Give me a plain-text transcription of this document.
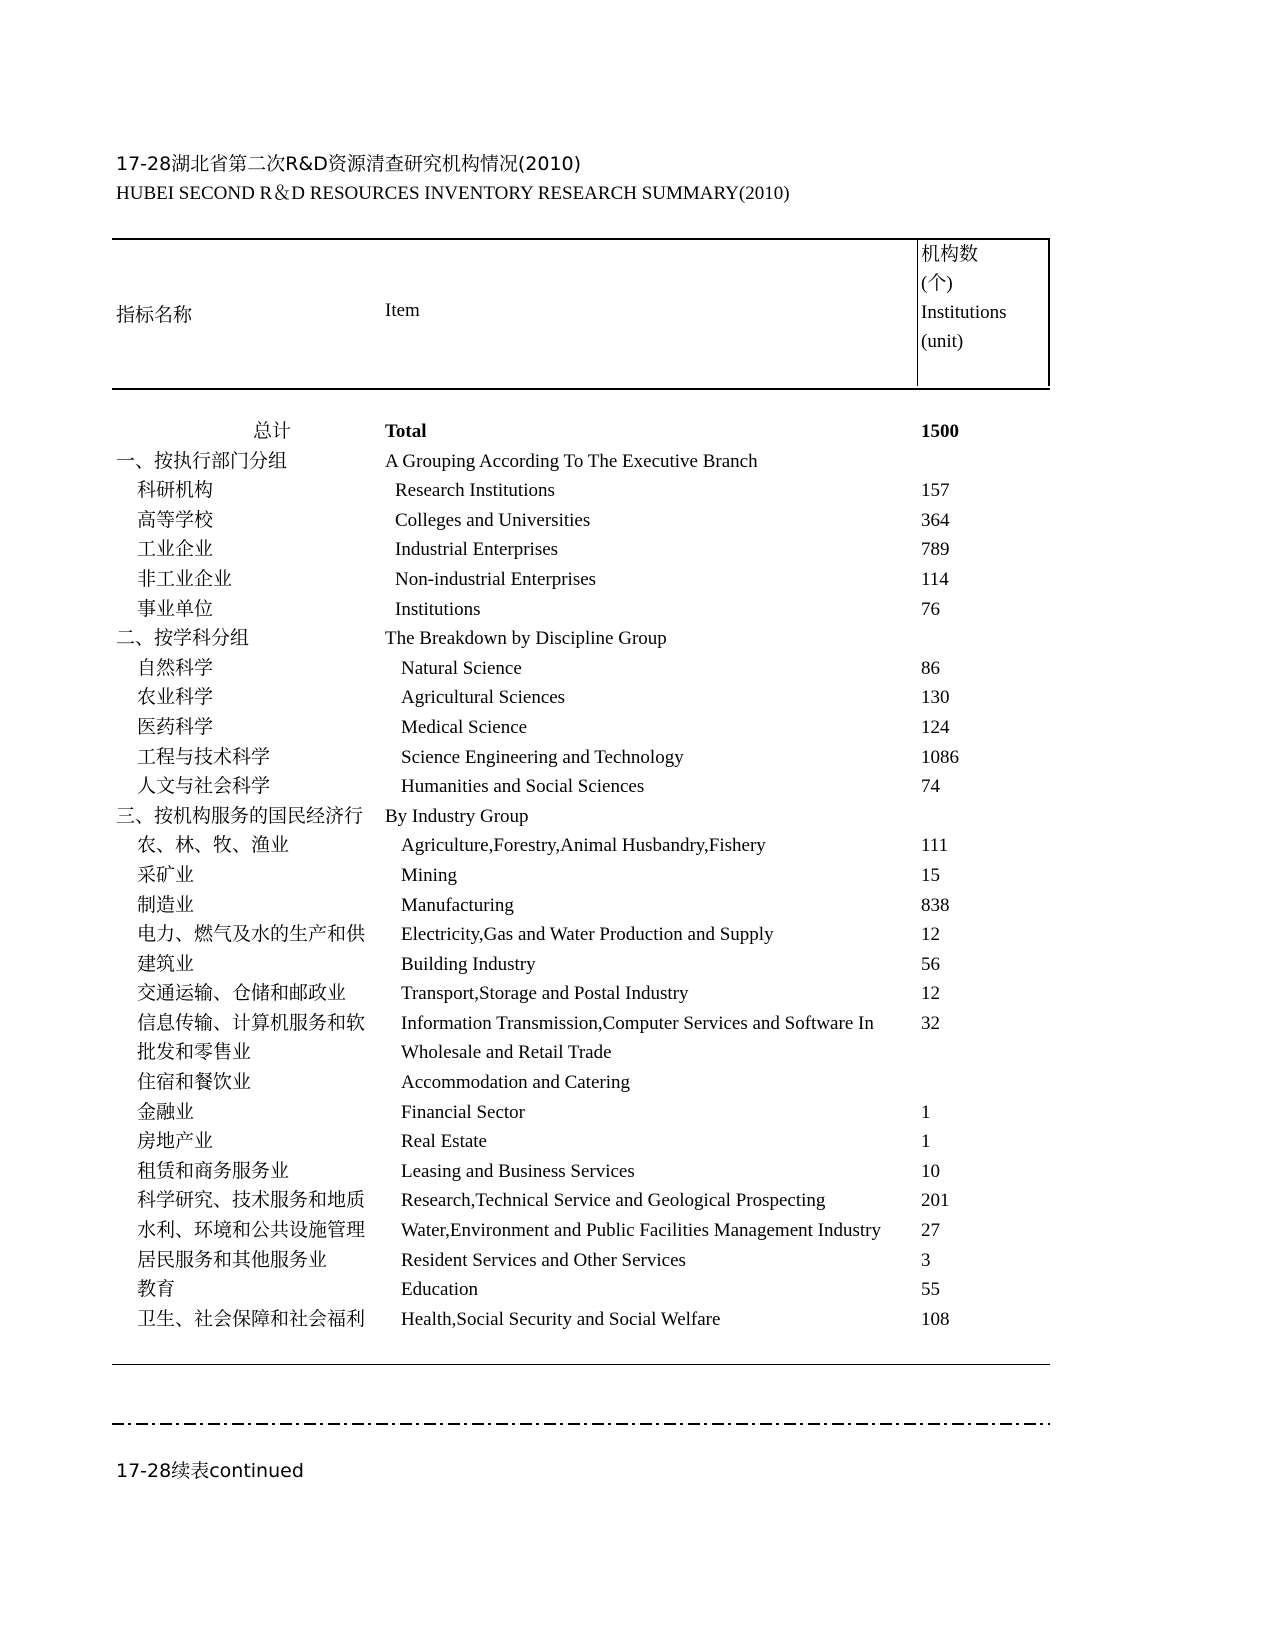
17-28湖北省第二次R&D资源清查研究机构情况(2010)
HUBEI SECOND R＆D RESOURCES INVENTORY RESEARCH SUMMARY(2010)
指标名称	Item
机构数
(个)
Institutions
(unit)
总计	Total	1500
一、按执行部门分组	A Grouping According To The Executive Branch
科研机构	Research Institutions	157
高等学校	Colleges and Universities	364
工业企业	Industrial Enterprises	789
非工业企业	Non-industrial Enterprises	114
事业单位	Institutions	76
二、按学科分组	The Breakdown by Discipline Group
自然科学	Natural Science	86
农业科学	Agricultural Sciences	130
医药科学	Medical Science	124
工程与技术科学	Science Engineering and Technology	1086
人文与社会科学	Humanities and Social Sciences	74
三、按机构服务的国民经济行	By Industry Group
农、林、牧、渔业	Agriculture,Forestry,Animal Husbandry,Fishery	111
采矿业	Mining	15
制造业	Manufacturing	838
电力、燃气及水的生产和供	Electricity,Gas and Water Production and Supply	12
建筑业	Building Industry	56
交通运输、仓储和邮政业	Transport,Storage and Postal Industry	12
信息传输、计算机服务和软	Information Transmission,Computer Services and Software In	32
批发和零售业	Wholesale and Retail Trade
住宿和餐饮业	Accommodation and Catering
金融业	Financial Sector	1
房地产业	Real Estate	1
租赁和商务服务业	Leasing and Business Services	10
科学研究、技术服务和地质	Research,Technical Service and Geological Prospecting	201
水利、环境和公共设施管理	Water,Environment and Public Facilities Management Industry	27
居民服务和其他服务业	Resident Services and Other Services	3
教育	Education	55
卫生、社会保障和社会福利	Health,Social Security and Social Welfare	108
17-28续表continued
